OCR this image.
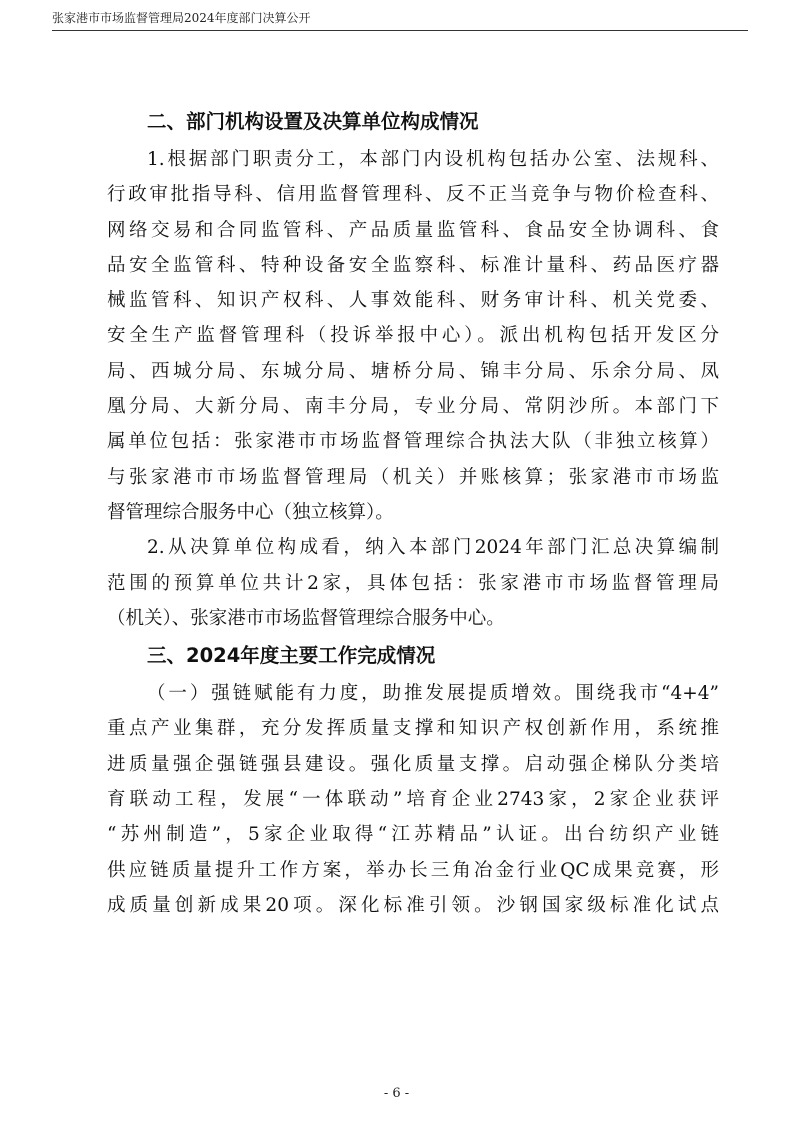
张家港市市场监督管理局2024年度部门决算公开
二、部门机构设置及决算单位构成情况

1.根据部门职责分工，本部门内设机构包括办公室、法规科、
行政审批指导科、信用监督管理科、反不正当竞争与物价检查科、
网络交易和合同监管科、产品质量监管科、食品安全协调科、食
品安全监管科、特种设备安全监察科、标准计量科、药品医疗器
械监管科、知识产权科、人事效能科、财务审计科、机关党委、
安全生产监督管理科（投诉举报中心）。派出机构包括开发区分
局、西城分局、东城分局、塘桥分局、锦丰分局、乐余分局、凤
凰分局、大新分局、南丰分局，专业分局、常阴沙所。本部门下
属单位包括：张家港市市场监督管理综合执法大队（非独立核算）
与张家港市市场监督管理局（机关）并账核算；张家港市市场监
督管理综合服务中心（独立核算）。

2.从决算单位构成看，纳入本部门2024年部门汇总决算编制
范围的预算单位共计2家，具体包括：张家港市市场监督管理局
（机关）、张家港市市场监督管理综合服务中心。

三、2024年度主要工作完成情况

（一）强链赋能有力度，助推发展提质增效。围绕我市“4+4”
重点产业集群，充分发挥质量支撑和知识产权创新作用，系统推
进质量强企强链强县建设。强化质量支撑。启动强企梯队分类培
育联动工程，发展“一体联动”培育企业2743家，2家企业获评
“苏州制造”，5家企业取得“江苏精品”认证。出台纺织产业链
供应链质量提升工作方案，举办长三角冶金行业QC成果竞赛，形
成质量创新成果20项。深化标准引领。沙钢国家级标准化试点

- 6 -
